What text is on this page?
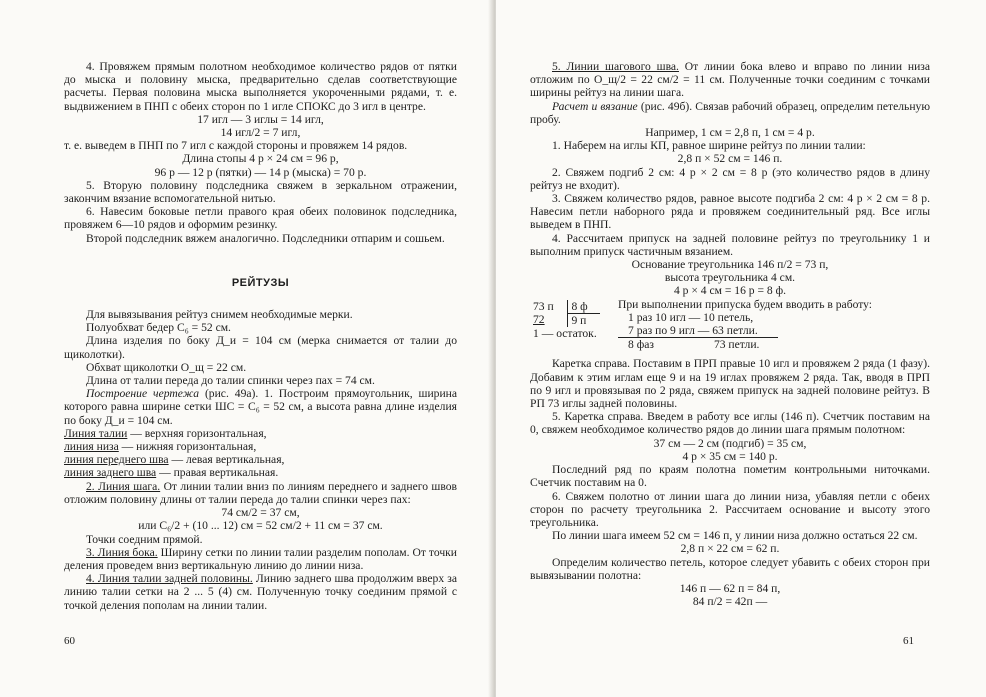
4. Провяжем прямым полотном необходимое количество рядов от пятки до мыска и половину мыска, предварительно сделав соответствующие расчеты. Первая половина мыска выполняется укороченными рядами, т. е. выдвижением в ПНП с обеих сторон по 1 игле СПОКС до 3 игл в центре.

17 игл — 3 иглы = 14 игл,

14 игл/2 = 7 игл,

т. е. выведем в ПНП по 7 игл с каждой стороны и провяжем 14 рядов.

Длина стопы 4 р × 24 см = 96 р,

96 р — 12 р (пятки) — 14 р (мыска) = 70 р.

5. Вторую половину подследника свяжем в зеркальном отражении, закончим вязание вспомогательной нитью.

6. Навесим боковые петли правого края обеих половинок подследника, провяжем 6—10 рядов и оформим резинку.

Второй подследник вяжем аналогично. Подследники отпарим и сошьем.

РЕЙТУЗЫ

Для вывязывания рейтуз снимем необходимые мерки.

Полуобхват бедер С₆ = 52 см.

Длина изделия по боку Д_и = 104 см (мерка снимается от талии до щиколотки).

Обхват щиколотки О_щ = 22 см.

Длина от талии переда до талии спинки через пах = 74 см.

Построение чертежа (рис. 49а). 1. Построим прямоугольник, ширина которого равна ширине сетки ШС = С₆ = 52 см, а высота равна длине изделия по боку Д_и = 104 см.

Линия талии — верхняя горизонтальная,

линия низа — нижняя горизонтальная,

линия переднего шва — левая вертикальная,

линия заднего шва — правая вертикальная.

2. Линия шага. От линии талии вниз по линиям переднего и заднего швов отложим половину длины от талии переда до талии спинки через пах:

74 см/2 = 37 см,

или С₆/2 + (10 ... 12) см = 52 см/2 + 11 см = 37 см.

Точки соедним прямой.

3. Линия бока. Ширину сетки по линии талии разделим пополам. От точки деления проведем вниз вертикальную линию до линии низа.

4. Линия талии задней половины. Линию заднего шва продолжим вверх за линию талии сетки на 2 ... 5 (4) см. Полученную точку соединим прямой с точкой деления пополам на линии талии.

60

5. Линии шагового шва. От линии бока влево и вправо по линии низа отложим по О_щ/2 = 22 см/2 = 11 см. Полученные точки соединим с точками ширины рейтуз на линии шага.

Расчет и вязание (рис. 49б). Связав рабочий образец, определим петельную пробу.

Например, 1 см = 2,8 п, 1 см = 4 р.

1. Наберем на иглы КП, равное ширине рейтуз по линии талии:

2,8 п × 52 см = 146 п.

2. Свяжем подгиб 2 см: 4 р × 2 см = 8 р (это количество рядов в длину рейтуз не входит).

3. Свяжем количество рядов, равное высоте подгиба 2 см: 4 р × 2 см = 8 р. Навесим петли наборного ряда и провяжем соединительный ряд. Все иглы выведем в ПНП.

4. Рассчитаем припуск на задней половине рейтуз по треугольнику 1 и выполним припуск частичным вязанием.

Основание треугольника 146 п/2 = 73 п,

высота треугольника 4 см.

4 р × 4 см = 16 р = 8 ф.

73 п	8 ф
72	9 п
1 — остаток.	

При выполнении припуска будем вводить в работу:

1 раз 10 игл — 10 петель,

7 раз по 9 игл — 63 петли.

8 фаз	73 петли.

Каретка справа. Поставим в ПРП правые 10 игл и провяжем 2 ряда (1 фазу). Добавим к этим иглам еще 9 и на 19 иглах провяжем 2 ряда. Так, вводя в ПРП по 9 игл и провязывая по 2 ряда, свяжем припуск на задней половине рейтуз. В РП 73 иглы задней половины.

5. Каретка справа. Введем в работу все иглы (146 п). Счетчик поставим на 0, свяжем необходимое количество рядов до линии шага прямым полотном:

37 см — 2 см (подгиб) = 35 см,

4 р × 35 см = 140 р.

Последний ряд по краям полотна пометим контрольными ниточками. Счетчик поставим на 0.

6. Свяжем полотно от линии шага до линии низа, убавляя петли с обеих сторон по расчету треугольника 2. Рассчитаем основание и высоту этого треугольника.

По линии шага имеем 52 см = 146 п, у линии низа должно остаться 22 см.

2,8 п × 22 см = 62 п.

Определим количество петель, которое следует убавить с обеих сторон при вывязывании полотна:

146 п — 62 п = 84 п,

84 п/2 = 42п —

61
